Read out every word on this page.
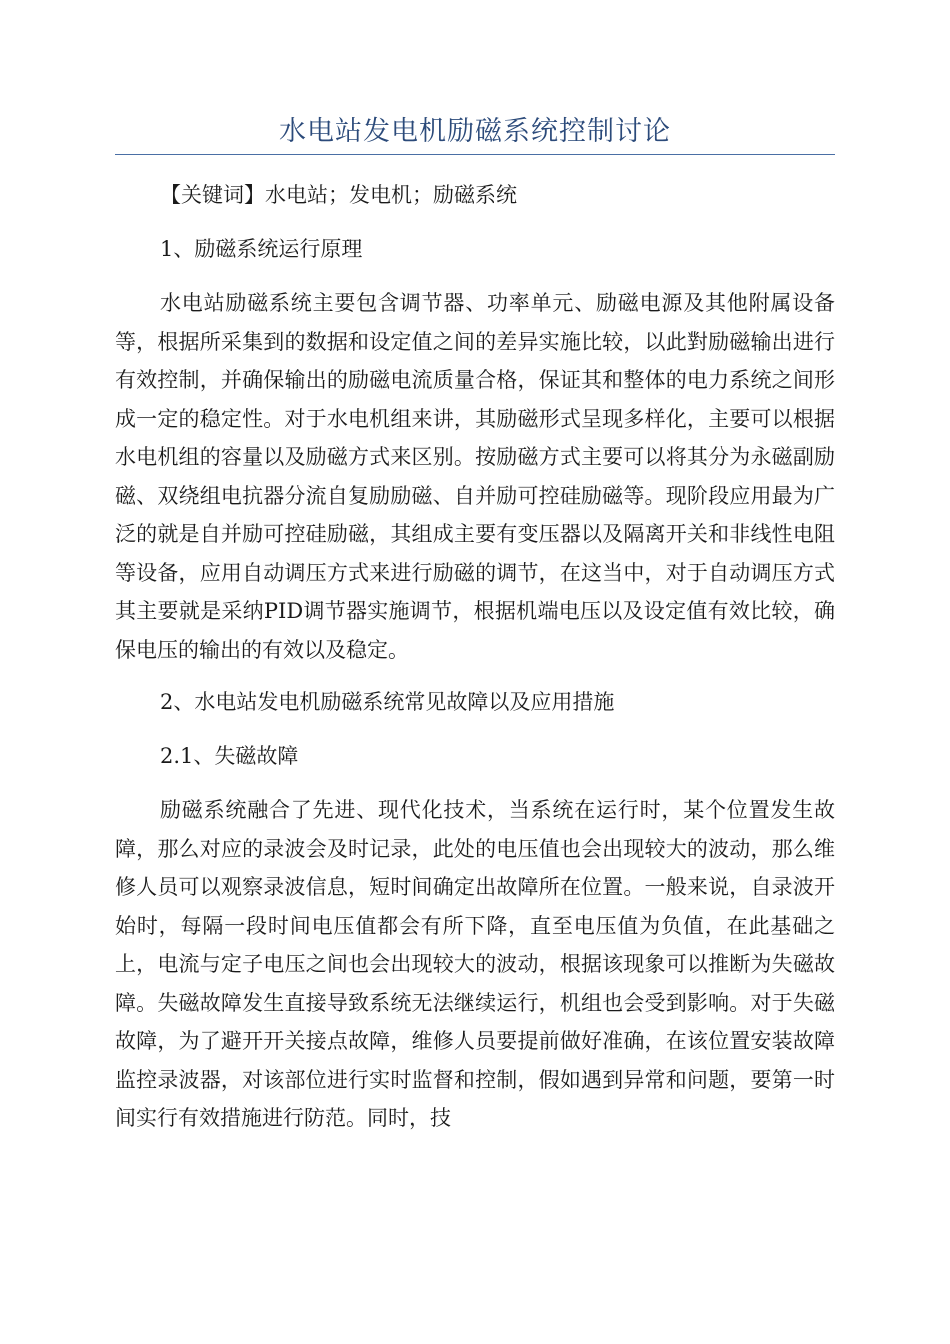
水电站发电机励磁系统控制讨论
【关键词】水电站；发电机；励磁系统
1、励磁系统运行原理

水电站励磁系统主要包含调节器、功率单元、励磁电源及其他附属设备等，根据所采集到的数据和设定值之间的差异实施比较，以此對励磁输出进行有效控制，并确保输出的励磁电流质量合格，保证其和整体的电力系统之间形成一定的稳定性。对于水电机组来讲，其励磁形式呈现多样化，主要可以根据水电机组的容量以及励磁方式来区别。按励磁方式主要可以将其分为永磁副励磁、双绕组电抗器分流自复励励磁、自并励可控硅励磁等。现阶段应用最为广泛的就是自并励可控硅励磁，其组成主要有变压器以及隔离开关和非线性电阻等设备，应用自动调压方式来进行励磁的调节，在这当中，对于自动调压方式其主要就是采纳PID调节器实施调节，根据机端电压以及设定值有效比较，确保电压的输出的有效以及稳定。

2、水电站发电机励磁系统常见故障以及应用措施
2.1、失磁故障

励磁系统融合了先进、现代化技术，当系统在运行时，某个位置发生故障，那么对应的录波会及时记录，此处的电压值也会出现较大的波动，那么维修人员可以观察录波信息，短时间确定出故障所在位置。一般来说，自录波开始时，每隔一段时间电压值都会有所下降，直至电压值为负值，在此基础之上，电流与定子电压之间也会出现较大的波动，根据该现象可以推断为失磁故障。失磁故障发生直接导致系统无法继续运行，机组也会受到影响。对于失磁故障，为了避开开关接点故障，维修人员要提前做好准确，在该位置安装故障监控录波器，对该部位进行实时监督和控制，假如遇到异常和问题，要第一时间实行有效措施进行防范。同时，技
